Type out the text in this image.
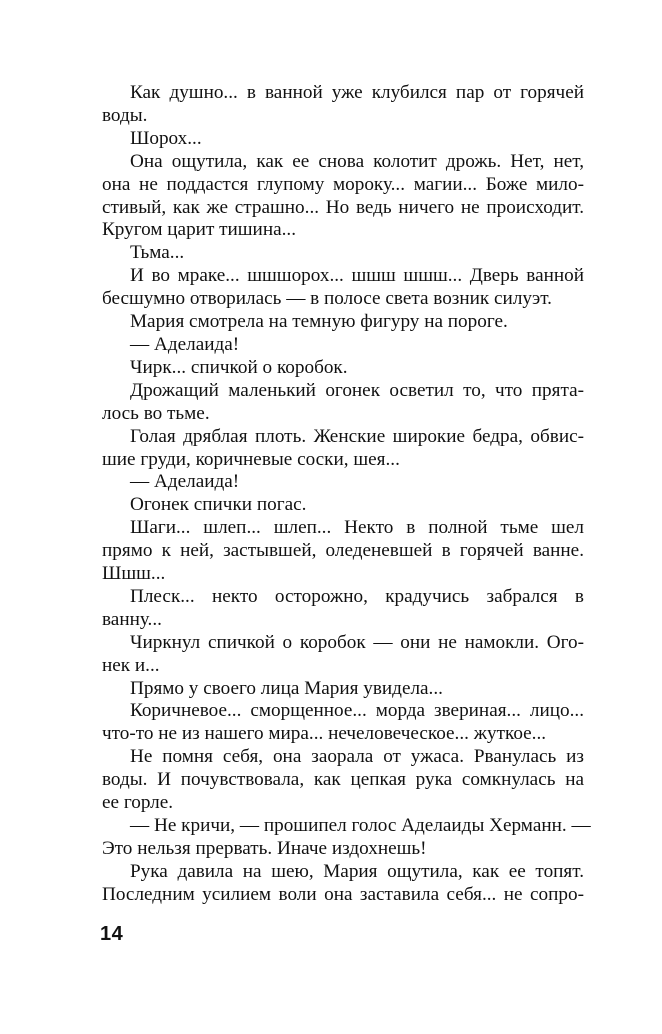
Как душно... в ванной уже клубился пар от горячей
воды.
Шорох...
Она ощутила, как ее снова колотит дрожь. Нет, нет,
она не поддастся глупому мороку... магии... Боже мило-
стивый, как же страшно... Но ведь ничего не происходит.
Кругом царит тишина...
Тьма...
И во мраке... шшшорох... шшш шшш... Дверь ванной
бесшумно отворилась — в полосе света возник силуэт.
Мария смотрела на темную фигуру на пороге.
— Аделаида!
Чирк... спичкой о коробок.
Дрожащий маленький огонек осветил то, что прята-
лось во тьме.
Голая дряблая плоть. Женские широкие бедра, обвис-
шие груди, коричневые соски, шея...
— Аделаида!
Огонек спички погас.
Шаги... шлеп... шлеп... Некто в полной тьме шел
прямо к ней, застывшей, оледеневшей в горячей ванне.
Шшш...
Плеск... некто осторожно, крадучись забрался в
ванну...
Чиркнул спичкой о коробок — они не намокли. Ого-
нек и...
Прямо у своего лица Мария увидела...
Коричневое... сморщенное... морда звериная... лицо...
что-то не из нашего мира... нечеловеческое... жуткое...
Не помня себя, она заорала от ужаса. Рванулась из
воды. И почувствовала, как цепкая рука сомкнулась на
ее горле.
— Не кричи, — прошипел голос Аделаиды Херманн. —
Это нельзя прервать. Иначе издохнешь!
Рука давила на шею, Мария ощутила, как ее топят.
Последним усилием воли она заставила себя... не сопро-
14
